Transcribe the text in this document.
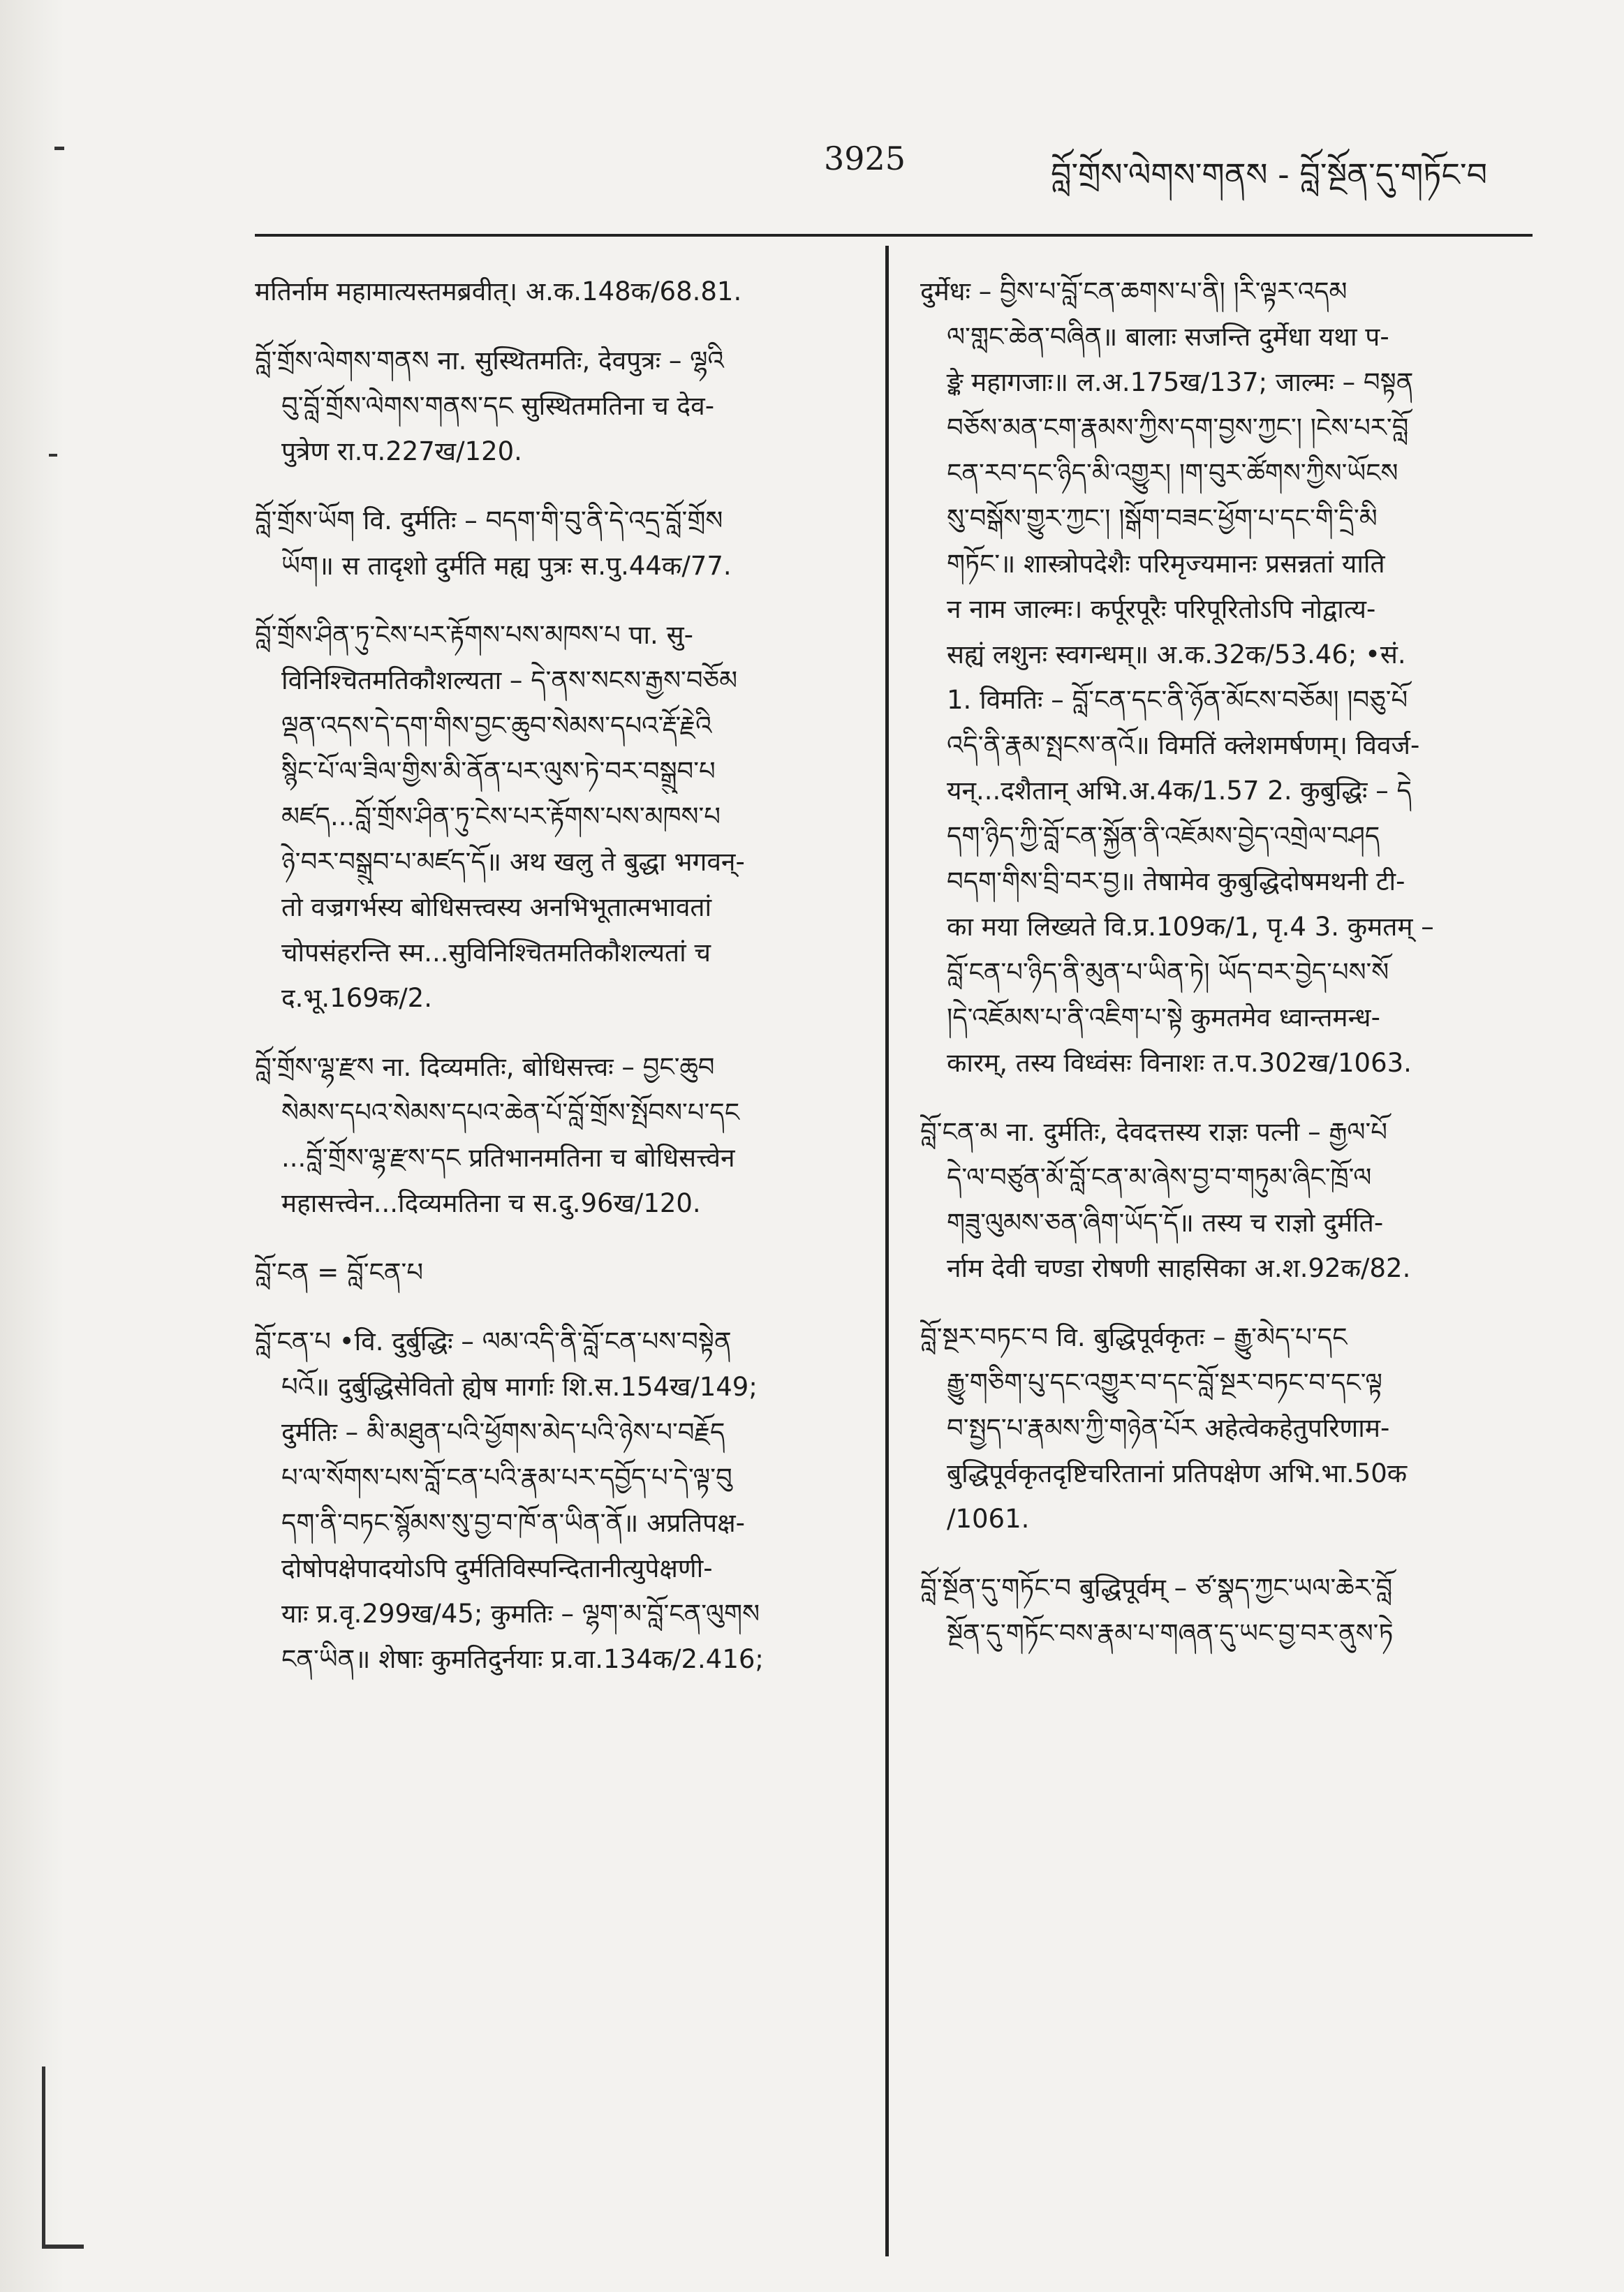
3925	བློ་གྲོས་ལེགས་གནས - བློ་སྔོན་དུ་གཏོང་བ
मतिर्नाम महामात्यस्तमब्रवीत्। अ.क.148क/68.81.
བློ་གྲོས་ལེགས་གནས ना. सुस्थितमतिः, देवपुत्रः – ལྷའི
བུ་བློ་གྲོས་ལེགས་གནས་དང सुस्थितमतिना च देव-
पुत्रेण रा.प.227ख/120.
བློ་གྲོས་ཡོག वि. दुर्मतिः – བདག་གི་བུ་ནི་དེ་འདྲ་བློ་གྲོས
ཡོག॥ स तादृशो दुर्मति मह्य पुत्रः स.पु.44क/77.
བློ་གྲོས་ཤིན་ཏུ་ངེས་པར་རྟོགས་པས་མཁས་པ पा. सु-
विनिश्चितमतिकौशल्यता – དེ་ནས་སངས་རྒྱས་བཅོམ
ལྡན་འདས་དེ་དག་གིས་བྱང་ཆུབ་སེམས་དཔའ་རྡོ་རྗེའི
སྙིང་པོ་ལ་ཟིལ་གྱིས་མི་ནོན་པར་ལུས་ཏེ་བར་བསྒྲུབ་པ
མཛད...བློ་གྲོས་ཤིན་ཏུ་ངེས་པར་རྟོགས་པས་མཁས་པ
ཉེ་བར་བསྒྲུབ་པ་མཛད་དོ॥ अथ खलु ते बुद्धा भगवन्-
तो वज्रगर्भस्य बोधिसत्त्वस्य अनभिभूतात्मभावतां
चोपसंहरन्ति स्म...सुविनिश्चितमतिकौशल्यतां च
द.भू.169क/2.
བློ་གྲོས་ལྷ་རྫས ना. दिव्यमतिः, बोधिसत्त्वः – བྱང་ཆུབ
སེམས་དཔའ་སེམས་དཔའ་ཆེན་པོ་བློ་གྲོས་སྤོབས་པ་དང
...བློ་གྲོས་ལྷ་རྫས་དང प्रतिभानमतिना च बोधिसत्त्वेन
महासत्त्वेन...दिव्यमतिना च स.दु.96ख/120.
བློ་ངན = བློ་ངན་པ
བློ་ངན་པ •वि. दुर्बुद्धिः – ལམ་འདི་ནི་བློ་ངན་པས་བསྟེན
པའོ॥ दुर्बुद्धिसेवितो ह्येष मार्गाः शि.स.154ख/149;
दुर्मतिः – མི་མཐུན་པའི་ཕྱོགས་མེད་པའི་ཉེས་པ་བརྗོད
པ་ལ་སོགས་པས་བློ་ངན་པའི་རྣམ་པར་དབྱོད་པ་དེ་ལྟ་བུ
དག་ནི་བཏང་སྙོམས་སུ་བྱ་བ་ཁོ་ན་ཡིན་ནོ॥ अप्रतिपक्ष-
दोषोपक्षेपादयोऽपि दुर्मतिविस्पन्दितानीत्युपेक्षणी-
याः प्र.वृ.299ख/45; कुमतिः – ལྷག་མ་བློ་ངན་ལུགས
ངན་ཡིན॥ शेषाः कुमतिदुर्नयाः प्र.वा.134क/2.416;
दुर्मेधः – བྱིས་པ་བློ་ངན་ཆགས་པ་ནི། །རི་ལྟར་འདམ
ལ་གླང་ཆེན་བཞིན॥ बालाः सजन्ति दुर्मेधा यथा प-
ङ्के महागजाः॥ ल.अ.175ख/137; जाल्मः – བསྟན
བཅོས་མན་ངག་རྣམས་ཀྱིས་དག་བྱས་ཀྱང་། །ངེས་པར་བློ
ངན་རབ་དང་ཉིད་མི་འགྱུར། །ག་བུར་ཚོགས་ཀྱིས་ཡོངས
སུ་བསྒོས་གྱུར་ཀྱང་། །སྒོག་བཟང་ཕྱོག་པ་དང་གི་དྲི་མི
གཏོང་॥ शास्त्रोपदेशैः परिमृज्यमानः प्रसन्नतां याति
न नाम जाल्मः। कर्पूरपूरैः परिपूरितोऽपि नोद्वात्य-
सह्यं लशुनः स्वगन्धम्॥ अ.क.32क/53.46; •सं.
1. विमतिः – བློ་ངན་དང་ནི་ཉོན་མོངས་བཅོམ། །བཅུ་པོ
འདི་ནི་རྣམ་སྤངས་ནའོ॥ विमतिं क्लेशमर्षणम्। विवर्ज-
यन्...दशैतान् अभि.अ.4क/1.57 2. कुबुद्धिः – དེ
དག་ཉིད་ཀྱི་བློ་ངན་སྐྱོན་ནི་འཇོམས་བྱེད་འགྲེལ་བཤད
བདག་གིས་བྲི་བར་བྱ॥ तेषामेव कुबुद्धिदोषमथनी टी-
का मया लिख्यते वि.प्र.109क/1, पृ.4 3. कुमतम् –
བློ་ངན་པ་ཉིད་ནི་མུན་པ་ཡིན་ཏེ། ཡོད་བར་བྱེད་པས་སོ
།དེ་འཇོམས་པ་ནི་འཇིག་པ་སྟེ कुमतमेव ध्वान्तमन्ध-
कारम्, तस्य विध्वंसः विनाशः त.प.302ख/1063.
བློ་ངན་མ ना. दुर्मतिः, देवदत्तस्य राज्ञः पत्नी – རྒྱལ་པོ
དེ་ལ་བཙུན་མོ་བློ་ངན་མ་ཞེས་བྱ་བ་གཏུམ་ཞིང་ཁྲོ་ལ
གཟུ་ལུམས་ཅན་ཞིག་ཡོད་དོ॥ तस्य च राज्ञो दुर्मति-
र्नाम देवी चण्डा रोषणी साहसिका अ.श.92क/82.
བློ་སྔར་བཏང་བ वि. बुद्धिपूर्वकृतः – རྒྱུ་མེད་པ་དང
རྒྱུ་གཅིག་པུ་དང་འགྱུར་བ་དང་བློ་སྔར་བཏང་བ་དང་ལྟ
བ་སྤྱད་པ་རྣམས་ཀྱི་གཉེན་པོར अहेत्वेकहेतुपरिणाम-
बुद्धिपूर्वकृतदृष्टिचरितानां प्रतिपक्षेण अभि.भा.50क
/1061.
བློ་སྔོན་དུ་གཏོང་བ बुद्धिपूर्वम् – ཙ་སྣད་ཀྱང་ཡལ་ཆེར་བློ
སྔོན་དུ་གཏོང་བས་རྣམ་པ་གཞན་དུ་ཡང་བྱ་བར་ནུས་ཏེ
